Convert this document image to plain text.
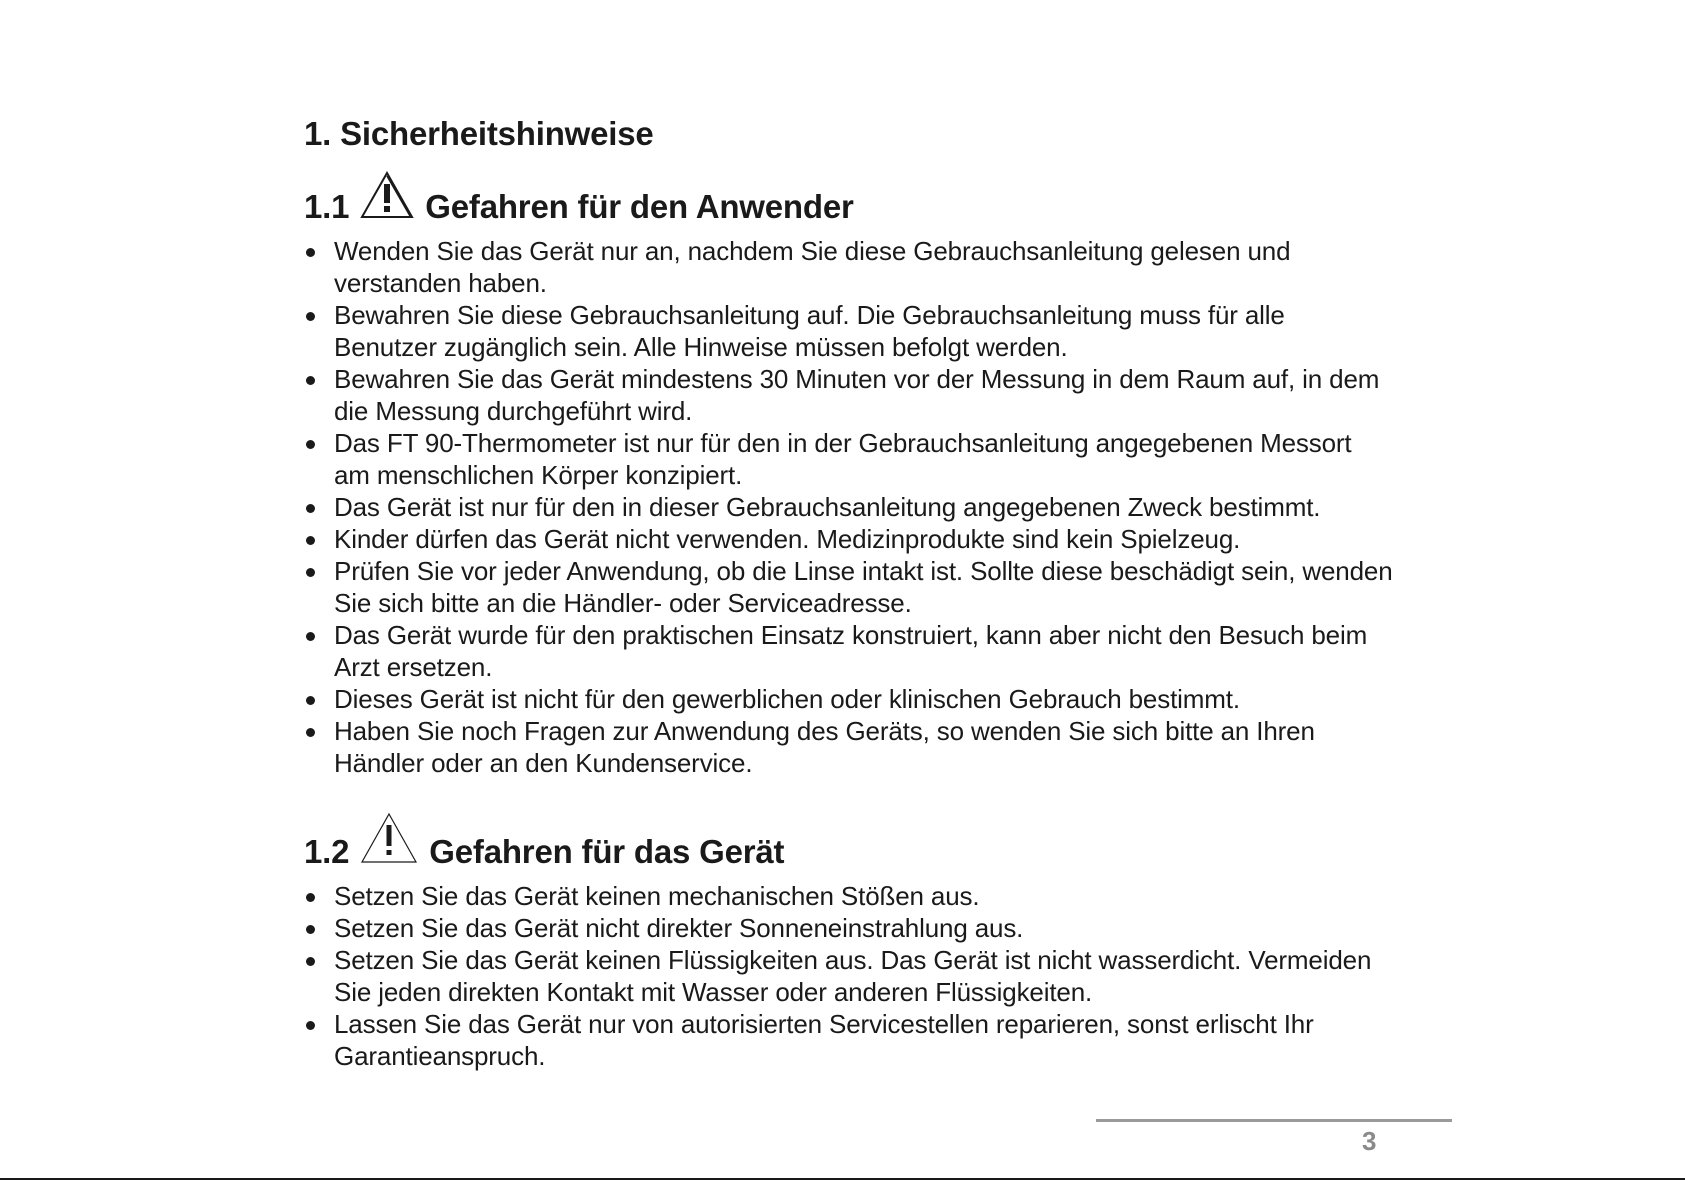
1. Sicherheitshinweise
1.1 Gefahren für den Anwender
Wenden Sie das Gerät nur an, nachdem Sie diese Gebrauchsanleitung gelesen und verstanden haben.
Bewahren Sie diese Gebrauchsanleitung auf. Die Gebrauchsanleitung muss für alle Benutzer zugänglich sein. Alle Hinweise müssen befolgt werden.
Bewahren Sie das Gerät mindestens 30 Minuten vor der Messung in dem Raum auf, in dem die Messung durchgeführt wird.
Das FT 90-Thermometer ist nur für den in der Gebrauchsanleitung angegebenen Messort am menschlichen Körper konzipiert.
Das Gerät ist nur für den in dieser Gebrauchsanleitung angegebenen Zweck bestimmt.
Kinder dürfen das Gerät nicht verwenden. Medizinprodukte sind kein Spielzeug.
Prüfen Sie vor jeder Anwendung, ob die Linse intakt ist. Sollte diese beschädigt sein, wenden Sie sich bitte an die Händler- oder Serviceadresse.
Das Gerät wurde für den praktischen Einsatz konstruiert, kann aber nicht den Besuch beim Arzt ersetzen.
Dieses Gerät ist nicht für den gewerblichen oder klinischen Gebrauch bestimmt.
Haben Sie noch Fragen zur Anwendung des Geräts, so wenden Sie sich bitte an Ihren Händler oder an den Kundenservice.
1.2 Gefahren für das Gerät
Setzen Sie das Gerät keinen mechanischen Stößen aus.
Setzen Sie das Gerät nicht direkter Sonneneinstrahlung aus.
Setzen Sie das Gerät keinen Flüssigkeiten aus. Das Gerät ist nicht wasserdicht. Vermeiden Sie jeden direkten Kontakt mit Wasser oder anderen Flüssigkeiten.
Lassen Sie das Gerät nur von autorisierten Servicestellen reparieren, sonst erlischt Ihr Garantieanspruch.
3
